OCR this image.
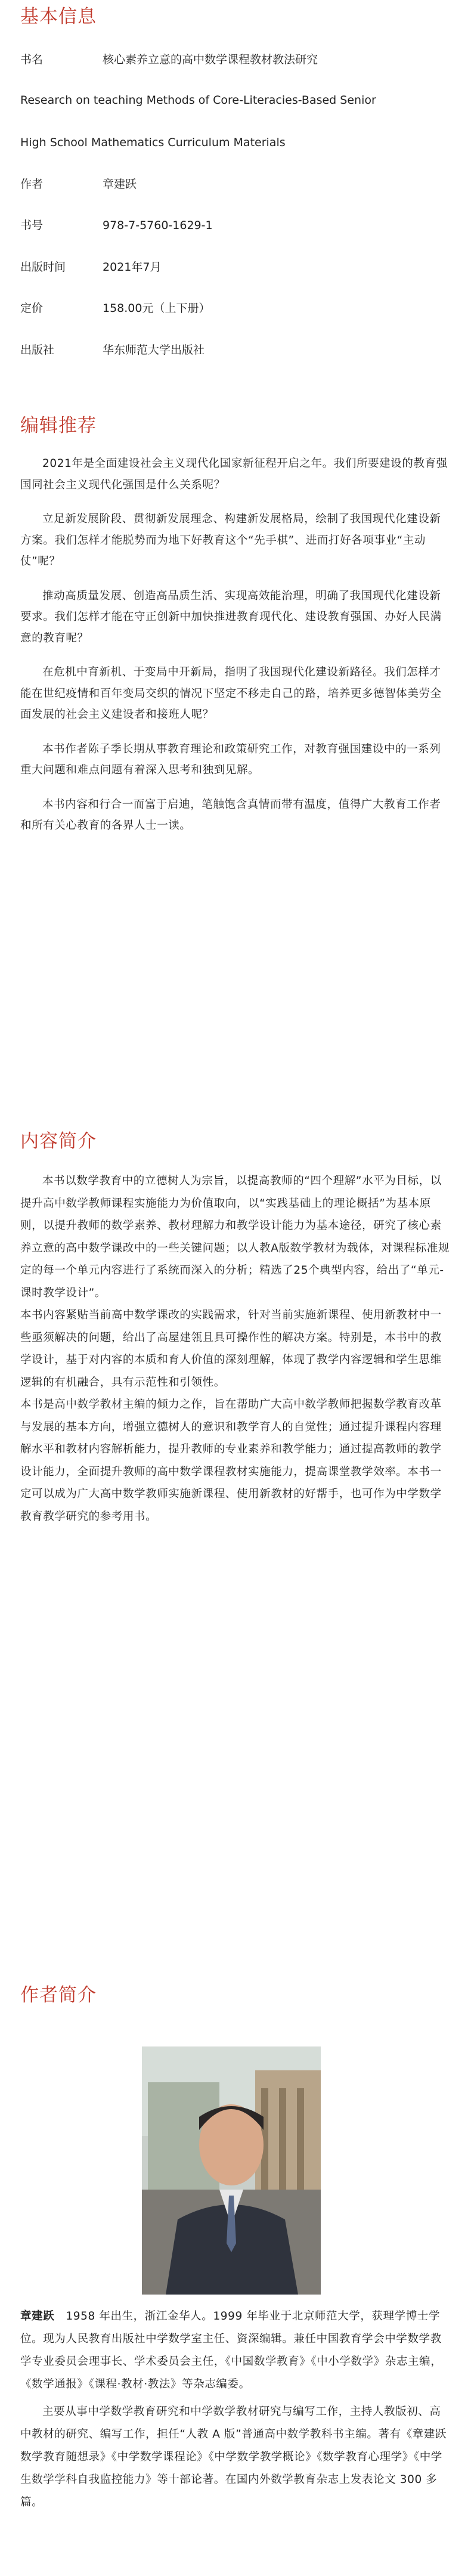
基本信息
书名	核心素养立意的高中数学课程教材教法研究
Research on teaching Methods of Core-Literacies-Based Senior
High School Mathematics Curriculum Materials
作者	章建跃
书号	978-7-5760-1629-1
出版时间	2021年7月
定价	158.00元（上下册）
出版社	华东师范大学出版社
编辑推荐

2021年是全面建设社会主义现代化国家新征程开启之年。我们所要建设的教育强国同社会主义现代化强国是什么关系呢？

立足新发展阶段、贯彻新发展理念、构建新发展格局，绘制了我国现代化建设新方案。我们怎样才能脱势而为地下好教育这个“先手棋”、进而打好各项事业“主动仗”呢？

推动高质量发展、创造高品质生活、实现高效能治理，明确了我国现代化建设新要求。我们怎样才能在守正创新中加快推进教育现代化、建设教育强国、办好人民满意的教育呢？

在危机中育新机、于变局中开新局，指明了我国现代化建设新路径。我们怎样才能在世纪疫情和百年变局交织的情况下坚定不移走自己的路，培养更多德智体美劳全面发展的社会主义建设者和接班人呢？

本书作者陈子季长期从事教育理论和政策研究工作，对教育强国建设中的一系列重大问题和难点问题有着深入思考和独到见解。

本书内容和行合一而富于启迪，笔触饱含真情而带有温度，值得广大教育工作者和所有关心教育的各界人士一读。

内容简介

本书以数学教育中的立德树人为宗旨，以提高教师的“四个理解”水平为目标，以提升高中数学教师课程实施能力为价值取向，以“实践基础上的理论概括”为基本原则，以提升教师的数学素养、教材理解力和教学设计能力为基本途径，研究了核心素养立意的高中数学课改中的一些关键问题；以人教A版数学教材为载体，对课程标准规定的每一个单元内容进行了系统而深入的分析；精选了25个典型内容，给出了“单元-课时教学设计”。

本书内容紧贴当前高中数学课改的实践需求，针对当前实施新课程、使用新教材中一些亟须解决的问题，给出了高屋建瓴且具可操作性的解决方案。特别是，本书中的教学设计，基于对内容的本质和育人价值的深刻理解，体现了教学内容逻辑和学生思维逻辑的有机融合，具有示范性和引领性。

本书是高中数学教材主编的倾力之作，旨在帮助广大高中数学教师把握数学教育改革与发展的基本方向，增强立德树人的意识和教学育人的自觉性；通过提升课程内容理解水平和教材内容解析能力，提升教师的专业素养和教学能力；通过提高教师的教学设计能力，全面提升教师的高中数学课程教材实施能力，提高课堂教学效率。本书一定可以成为广大高中数学教师实施新课程、使用新教材的好帮手，也可作为中学数学教育教学研究的参考用书。

作者简介

章建跃　1958 年出生，浙江金华人。1999 年毕业于北京师范大学，获理学博士学位。现为人民教育出版社中学数学室主任、资深编辑。兼任中国教育学会中学数学教学专业委员会理事长、学术委员会主任，《中国数学教育》《中小学数学》杂志主编，《数学通报》《课程·教材·教法》等杂志编委。

主要从事中学数学教育研究和中学数学教材研究与编写工作，主持人教版初、高中教材的研究、编写工作，担任“人教 A 版”普通高中数学教科书主编。著有《章建跃数学教育随想录》《中学数学课程论》《中学数学教学概论》《数学教育心理学》《中学生数学学科自我监控能力》等十部论著。在国内外数学教育杂志上发表论文 300 多篇。
